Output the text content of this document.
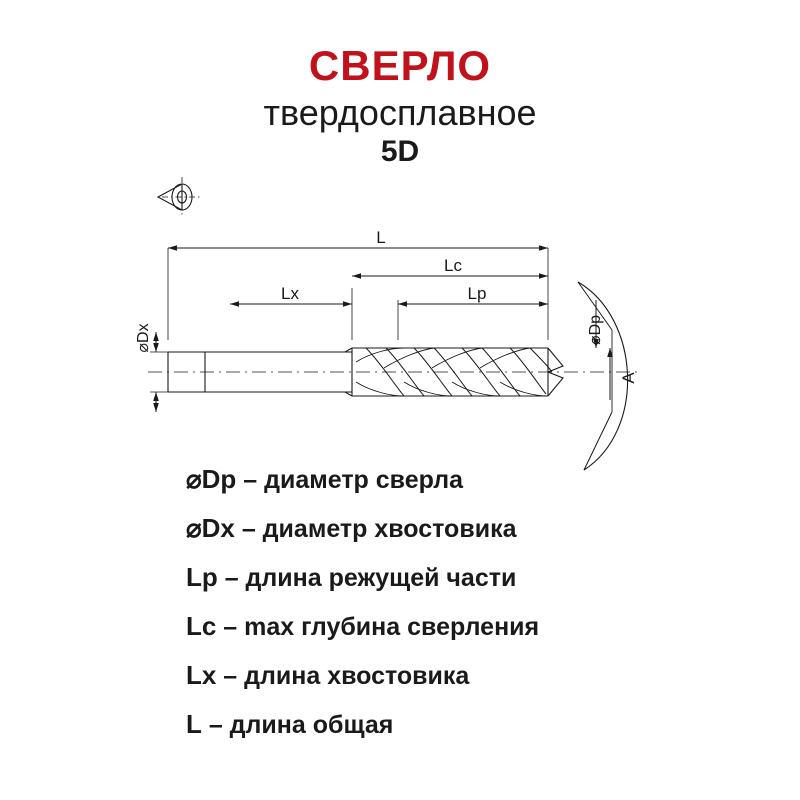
СВЕРЛО
твердосплавное
5D
L
Lc
Lx	Lp
⌀Dx	⌀Dp
A
⌀Dp – диаметр сверла
⌀Dx – диаметр хвостовика
Lp – длина режущей части
Lc – max глубина сверления
Lx – длина хвостовика
L – длина общая
